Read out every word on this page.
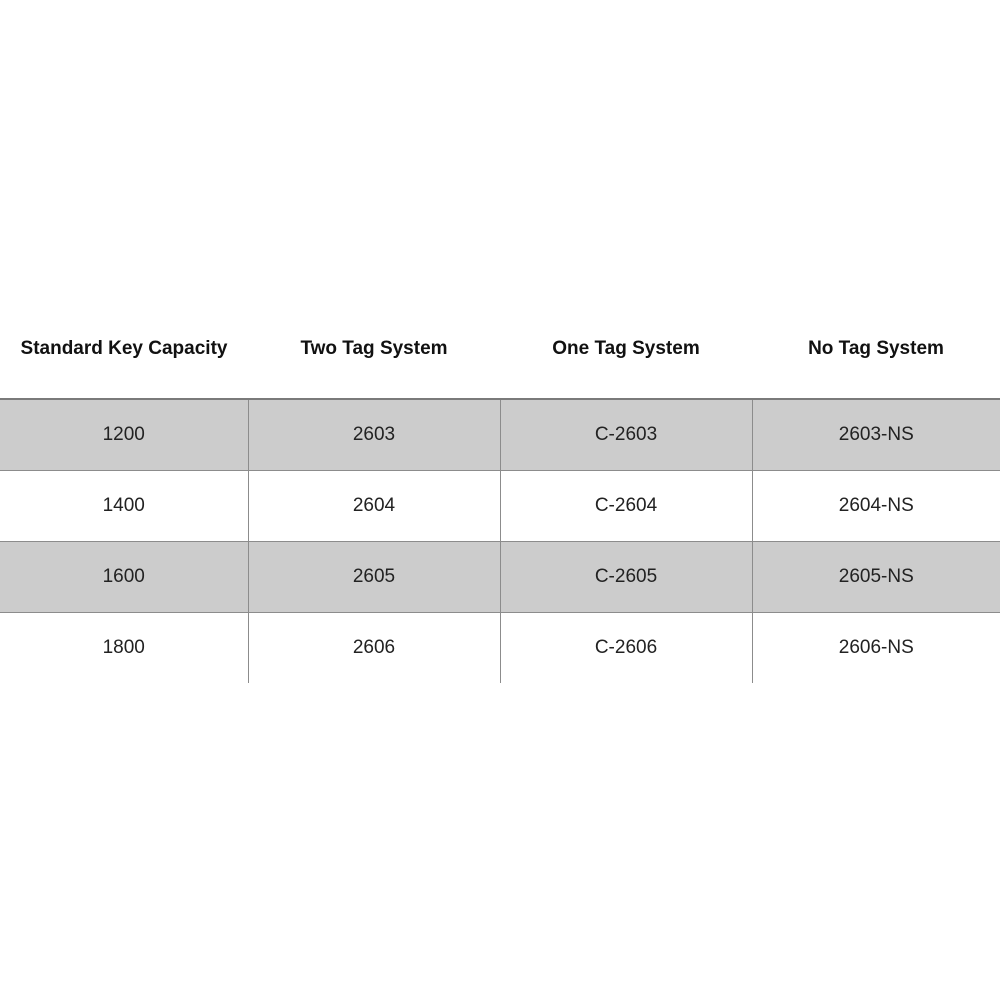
Standard Key Capacity	Two Tag System	One Tag System	No Tag System
1200	2603	C-2603	2603-NS
1400	2604	C-2604	2604-NS
1600	2605	C-2605	2605-NS
1800	2606	C-2606	2606-NS
